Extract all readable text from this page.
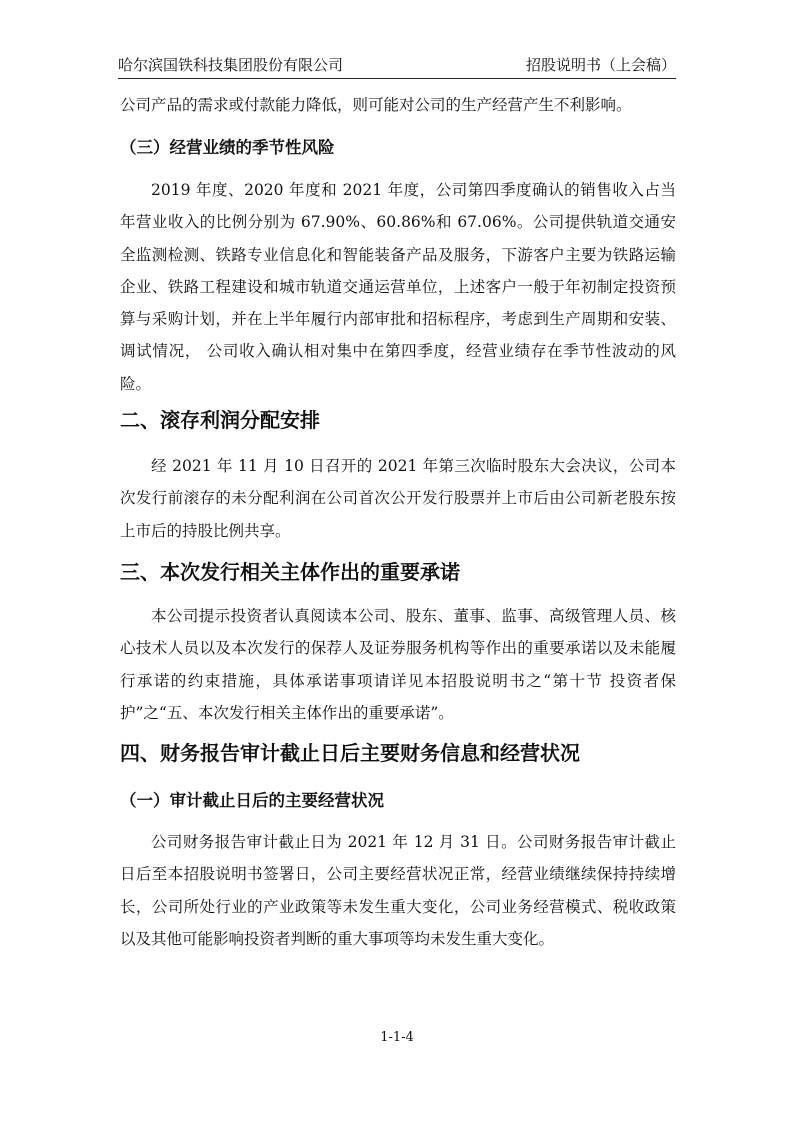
哈尔滨国铁科技集团股份有限公司	招股说明书（上会稿）

公司产品的需求或付款能力降低，则可能对公司的生产经营产生不利影响。

（三）经营业绩的季节性风险

2019 年度、2020 年度和 2021 年度，公司第四季度确认的销售收入占当年营业收入的比例分别为 67.90%、60.86%和 67.06%。公司提供轨道交通安全监测检测、铁路专业信息化和智能装备产品及服务，下游客户主要为铁路运输企业、铁路工程建设和城市轨道交通运营单位，上述客户一般于年初制定投资预算与采购计划，并在上半年履行内部审批和招标程序，考虑到生产周期和安装、调试情况， 公司收入确认相对集中在第四季度，经营业绩存在季节性波动的风险。

二、滚存利润分配安排

经 2021 年 11 月 10 日召开的 2021 年第三次临时股东大会决议，公司本次发行前滚存的未分配利润在公司首次公开发行股票并上市后由公司新老股东按上市后的持股比例共享。

三、本次发行相关主体作出的重要承诺

本公司提示投资者认真阅读本公司、股东、董事、监事、高级管理人员、核心技术人员以及本次发行的保荐人及证券服务机构等作出的重要承诺以及未能履行承诺的约束措施，具体承诺事项请详见本招股说明书之“第十节 投资者保护”之“五、本次发行相关主体作出的重要承诺”。

四、财务报告审计截止日后主要财务信息和经营状况
（一）审计截止日后的主要经营状况

公司财务报告审计截止日为 2021 年 12 月 31 日。公司财务报告审计截止日后至本招股说明书签署日，公司主要经营状况正常，经营业绩继续保持持续增长，公司所处行业的产业政策等未发生重大变化，公司业务经营模式、税收政策以及其他可能影响投资者判断的重大事项等均未发生重大变化。

1-1-4
